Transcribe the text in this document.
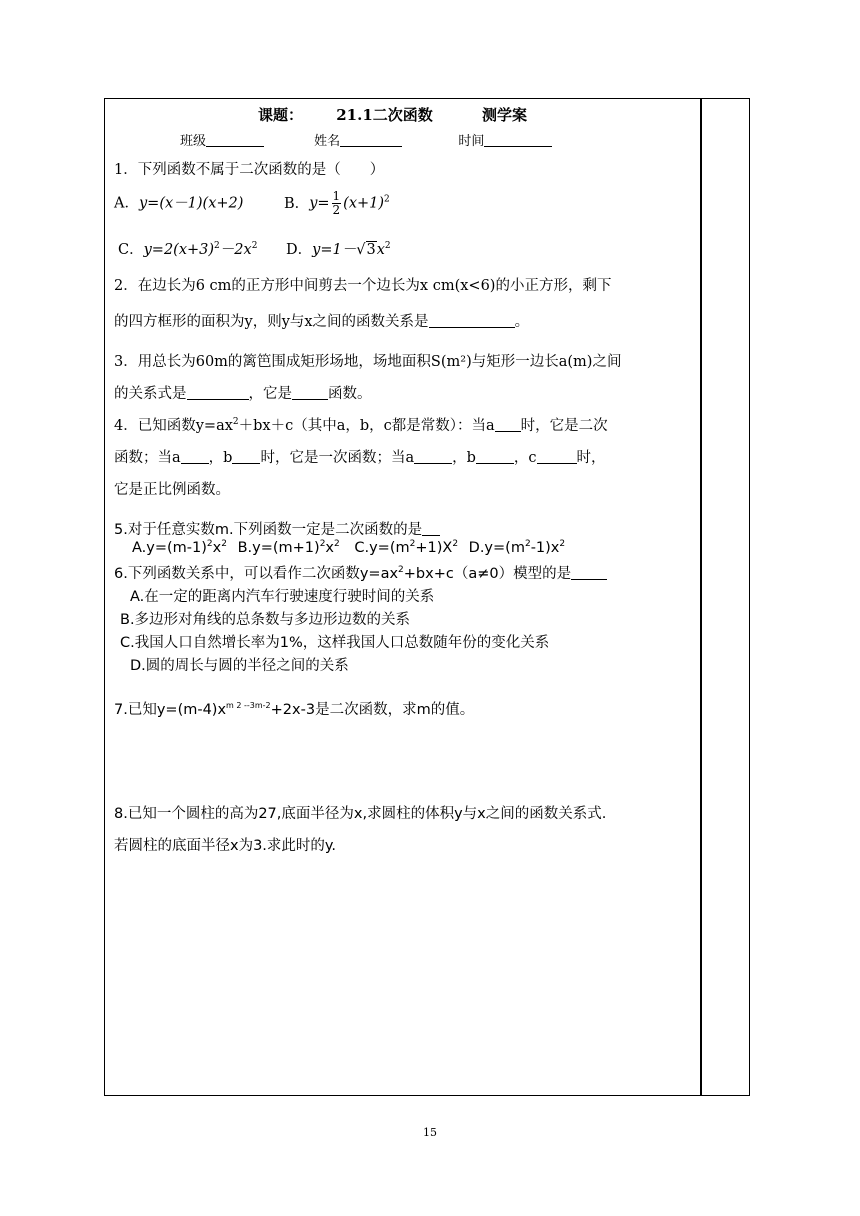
课题： 21.1二次函数	测学案
班级	姓名	时间
1．下列函数不属于二次函数的是（　　）
A．y=(x－1)(x+2)	B．$y= \frac{1}{2} (x+1)^2$
C．$y=2(x+3)^2-2x^2$ D．$y=1-√3x^2$
2．在边长为6 cm的正方形中间剪去一个边长为x cm(x<6)的小正方形，剩下
的四方框形的面积为y，则y与x之间的函数关系是	。
3．用总长为60m的篱笆围成矩形场地，场地面积S(m²)与矩形一边长a(m)之间
的关系式是	，它是 函数。
4．已知函数$y=ax^2+bx+c$（其中a，b，c都是常数）：当a 时，它是二次
函数；当a ，b 时，它是一次函数；当a	，b	，c	时，
它是正比例函数。
5.对于任意实数m.下列函数一定是二次函数的是
$A.y=(m-1)^2x^2$ $B.y=(m+1)^2x^2$ $C.y=(m^2+1)X^2$ $D.y=(m^2-1)x^2$
6.下列函数关系中，可以看作二次函数$y=ax^2+bx+c(a\ne 0)$模型的是
A.在一定的距离内汽车行驶速度行驶时间的关系
B.多边形对角线的总条数与多边形边数的关系
C.我国人口自然增长率为1%，这样我国人口总数随年份的变化关系
D.圆的周长与圆的半径之间的关系
7.已知$y=(m-4)x^{m 2 --3m-2}+2x-3$是二次函数，求m的值。
8.已知一个圆柱的高为27,底面半径为x,求圆柱的体积y与x之间的函数关系式.
若圆柱的底面半径x为3.求此时的y.
15
